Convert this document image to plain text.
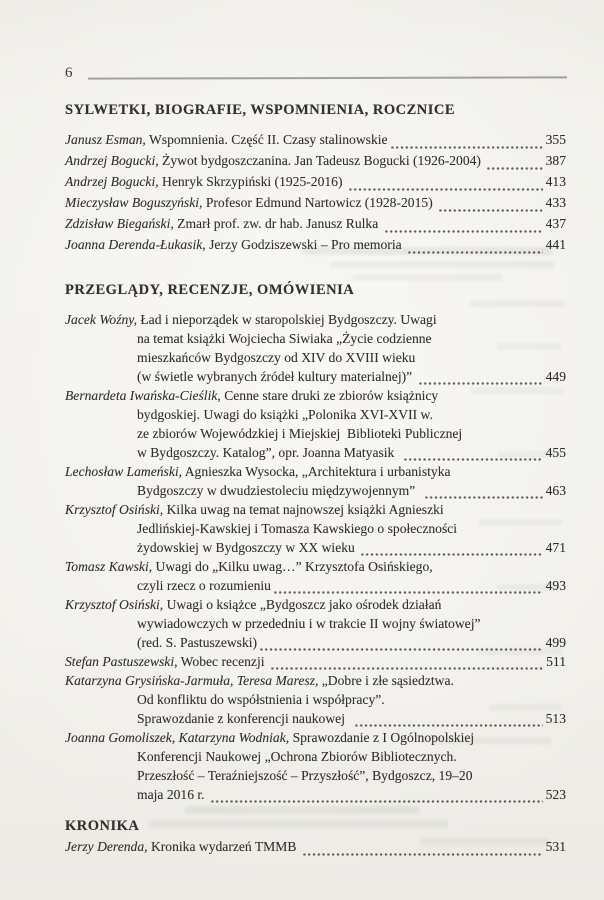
6
SYLWETKI, BIOGRAFIE, WSPOMNIENIA, ROCZNICE
Janusz Esman, Wspomnienia. Część II. Czasy stalinowskie	355
Andrzej Bogucki, Żywot bydgoszczanina. Jan Tadeusz Bogucki (1926-2004)	387
Andrzej Bogucki, Henryk Skrzypiński (1925-2016)	413
Mieczysław Boguszyński, Profesor Edmund Nartowicz (1928-2015)	433
Zdzisław Biegański, Zmarł prof. zw. dr hab. Janusz Rulka	437
Joanna Derenda-Łukasik, Jerzy Godziszewski – Pro memoria	441
PRZEGLĄDY, RECENZJE, OMÓWIENIA
Jacek Woźny, Ład i nieporządek w staropolskiej Bydgoszczy. Uwagi
na temat książki Wojciecha Siwiaka „Życie codzienne
mieszkańców Bydgoszczy od XIV do XVIII wieku
(w świetle wybranych źródeł kultury materialnej)”	449
Bernardeta Iwańska-Cieślik, Cenne stare druki ze zbiorów książnicy
bydgoskiej. Uwagi do książki „Polonika XVI-XVII w.
ze zbiorów Wojewódzkiej i Miejskiej  Biblioteki Publicznej
w Bydgoszczy. Katalog”, opr. Joanna Matyasik	455
Lechosław Lameński, Agnieszka Wysocka, „Architektura i urbanistyka
Bydgoszczy w dwudziestoleciu międzywojennym”	463
Krzysztof Osiński, Kilka uwag na temat najnowszej książki Agnieszki
Jedlińskiej-Kawskiej i Tomasza Kawskiego o społeczności
żydowskiej w Bydgoszczy w XX wieku	471
Tomasz Kawski, Uwagi do „Kilku uwag…” Krzysztofa Osińskiego,
czyli rzecz o rozumieniu	493
Krzysztof Osiński, Uwagi o książce „Bydgoszcz jako ośrodek działań
wywiadowczych w przededniu i w trakcie II wojny światowej”
(red. S. Pastuszewski)	499
Stefan Pastuszewski, Wobec recenzji	511
Katarzyna Grysińska-Jarmuła, Teresa Maresz, „Dobre i złe sąsiedztwa.
Od konfliktu do współstnienia i współpracy”.
Sprawozdanie z konferencji naukowej	513
Joanna Gomoliszek, Katarzyna Wodniak, Sprawozdanie z I Ogólnopolskiej
Konferencji Naukowej „Ochrona Zbiorów Bibliotecznych.
Przeszłość – Teraźniejszość – Przyszłość”, Bydgoszcz, 19–20
maja 2016 r.	523
KRONIKA
Jerzy Derenda, Kronika wydarzeń TMMB	531
